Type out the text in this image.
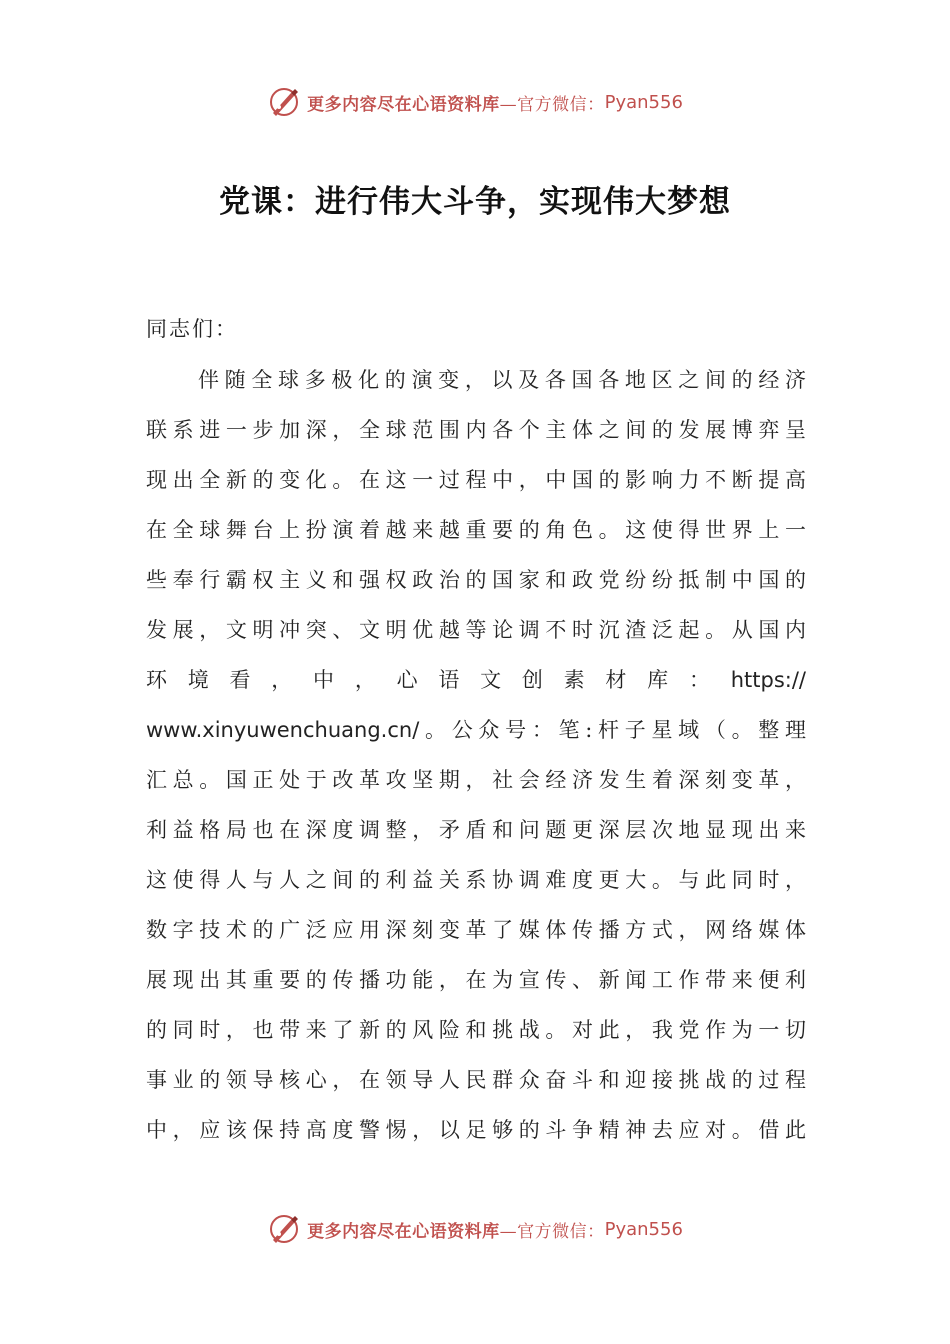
更多内容尽在心语资料库 —官方微信： Pyan556
党课：进行伟大斗争，实现伟大梦想
同志们：
伴随全球多极化的演变，以及各国各地区之间的经济
联系进一步加深，全球范围内各个主体之间的发展博弈呈
现出全新的变化。在这一过程中，中国的影响力不断提高
在全球舞台上扮演着越来越重要的角色。这使得世界上一
些奉行霸权主义和强权政治的国家和政党纷纷抵制中国的
发展，文明冲突、文明优越等论调不时沉渣泛起。从国内
环 境 看 ， 中 ， 心 语 文 创 素 材 库 ： https://
www.xinyuwenchuang.cn/。公众号：笔:杆子星域（。整理
汇总。国正处于改革攻坚期，社会经济发生着深刻变革，
利益格局也在深度调整，矛盾和问题更深层次地显现出来
这使得人与人之间的利益关系协调难度更大。与此同时，
数字技术的广泛应用深刻变革了媒体传播方式，网络媒体
展现出其重要的传播功能，在为宣传、新闻工作带来便利
的同时，也带来了新的风险和挑战。对此，我党作为一切
事业的领导核心，在领导人民群众奋斗和迎接挑战的过程
中，应该保持高度警惕，以足够的斗争精神去应对。借此
更多内容尽在心语资料库 —官方微信： Pyan556
